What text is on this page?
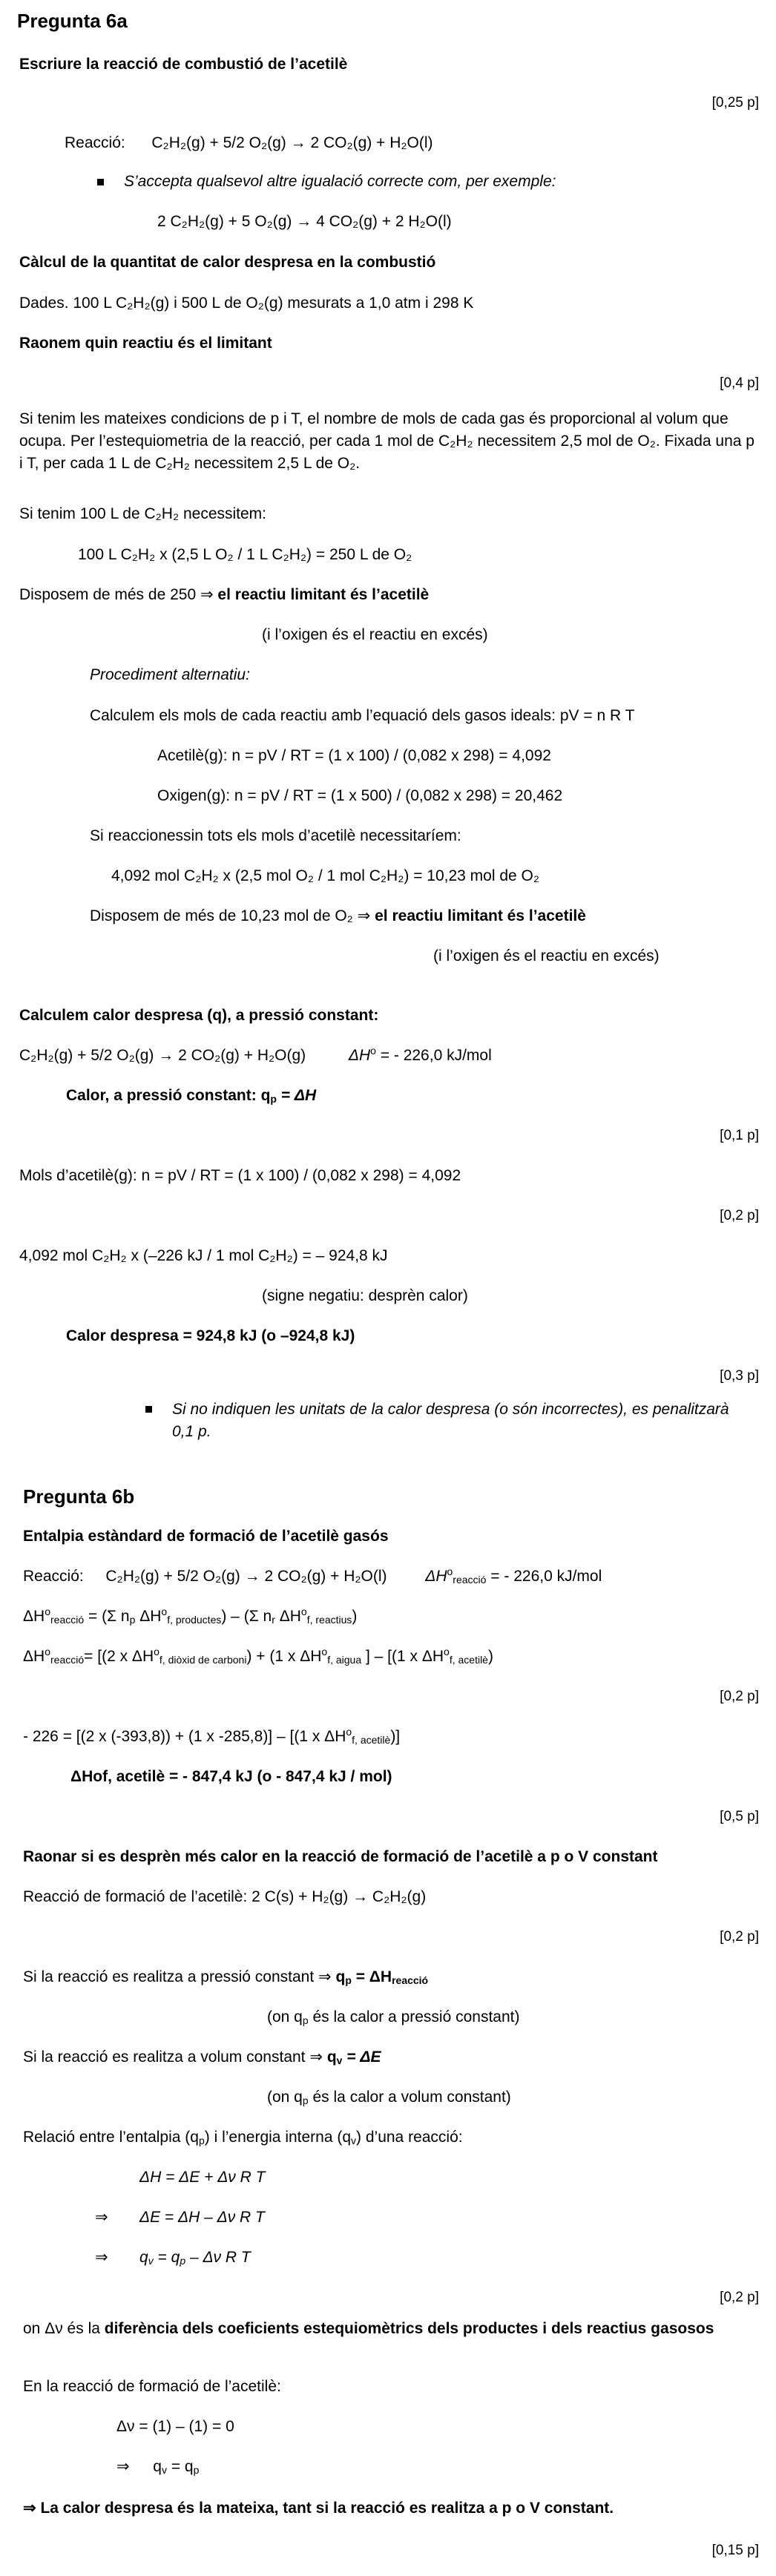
Pregunta 6a
Escriure la reacció de combustió de l’acetilè
[0,25 p]
Reacció: C₂H₂(g) + 5/2 O₂(g) → 2 CO₂(g) + H₂O(l)
S’accepta qualsevol altre igualació correcte com, per exemple:
2 C₂H₂(g) + 5 O₂(g) → 4 CO₂(g) + 2 H₂O(l)
Càlcul de la quantitat de calor despresa en la combustió
Dades. 100 L C₂H₂(g) i 500 L de O₂(g) mesurats a 1,0 atm i 298 K
Raonem quin reactiu és el limitant
[0,4 p]
Si tenim les mateixes condicions de p i T, el nombre de mols de cada gas és proporcional al volum que ocupa. Per l’estequiometria de la reacció, per cada 1 mol de C₂H₂ necessitem 2,5 mol de O₂. Fixada una p i T, per cada 1 L de C₂H₂ necessitem 2,5 L de O₂.
Si tenim 100 L de C₂H₂ necessitem:
100 L C₂H₂ x (2,5 L O₂ / 1 L C₂H₂) = 250 L de O₂
Disposem de més de 250 ⇒ el reactiu limitant és l’acetilè
(i l’oxigen és el reactiu en excés)
Procediment alternatiu:
Calculem els mols de cada reactiu amb l’equació dels gasos ideals: pV = n R T
Acetilè(g): n = pV / RT = (1 x 100) / (0,082 x 298) = 4,092
Oxigen(g): n = pV / RT = (1 x 500) / (0,082 x 298) = 20,462
Si reaccionessin tots els mols d’acetilè necessitaríem:
4,092 mol C₂H₂ x (2,5 mol O₂ / 1 mol C₂H₂) = 10,23 mol de O₂
Disposem de més de 10,23 mol de O₂ ⇒ el reactiu limitant és l’acetilè
(i l’oxigen és el reactiu en excés)
Calculem calor despresa (q), a pressió constant:
C₂H₂(g) + 5/2 O₂(g) → 2 CO₂(g) + H₂O(g)	$\Delta H^o$ = - 226,0 kJ/mol
Calor, a pressió constant: $q_p = \Delta H$
[0,1 p]
Mols d’acetilè(g): n = pV / RT = (1 x 100) / (0,082 x 298) = 4,092
[0,2 p]
4,092 mol C₂H₂ x (–226 kJ / 1 mol C₂H₂) = – 924,8 kJ
(signe negatiu: desprèn calor)
Calor despresa = 924,8 kJ (o –924,8 kJ)
[0,3 p]
Si no indiquen les unitats de la calor despresa (o són incorrectes), es penalitzarà 0,1 p.
Pregunta 6b
Entalpia estàndard de formació de l’acetilè gasós
Reacció: C₂H₂(g) + 5/2 O₂(g) → 2 CO₂(g) + H₂O(l) $\Delta H^o_{reacció}$ = - 226,0 kJ/mol
$\Delta H^o_{reacció} = (\Sigma$ $n_p$ $\Delta H^o_{f, productes}) - (\Sigma$ $n_r$ $\Delta H^o_{f, reactius}$)
$\Delta H^o_{reacció}= [(2$ x $\Delta H^o_{f, diòxid de carboni}) + (1$ x $\Delta H^o_{f, aigua}$ ] – [(1 x $\Delta H^o_{f, acetilè}$)
[0,2 p]
- 226 = [(2 x (-393,8)) + (1 x -285,8)] – [(1 x $\Delta H^o_{f, acetilè}$)]
ΔHof, acetilè = - 847,4 kJ (o - 847,4 kJ / mol)
[0,5 p]
Raonar si es desprèn més calor en la reacció de formació de l’acetilè a p o V constant
Reacció de formació de l’acetilè: 2 C(s) + H₂(g) → C₂H₂(g)
[0,2 p]
Si la reacció es realitza a pressió constant ⇒ $q_p = \Delta H_{reacció}$
(on $q_p$ és la calor a pressió constant)
Si la reacció es realitza a volum constant ⇒ $q_v = \Delta E$
(on $q_p$ és la calor a volum constant)
Relació entre l’entalpia $(q_p)$ i l’energia interna $(q_v)$ d’una reacció:
ΔH = ΔE + Δν R T
⇒ ΔE = ΔH – Δν R T
⇒ $q_v = q_p - \Delta\nu$ R T
[0,2 p]
on Δν és la diferència dels coeficients estequiomètrics dels productes i dels reactius gasosos
En la reacció de formació de l’acetilè:
Δν = (1) – (1) = 0
⇒ $q_v = q_p$
⇒ La calor despresa és la mateixa, tant si la reacció es realitza a p o V constant.
[0,15 p]
